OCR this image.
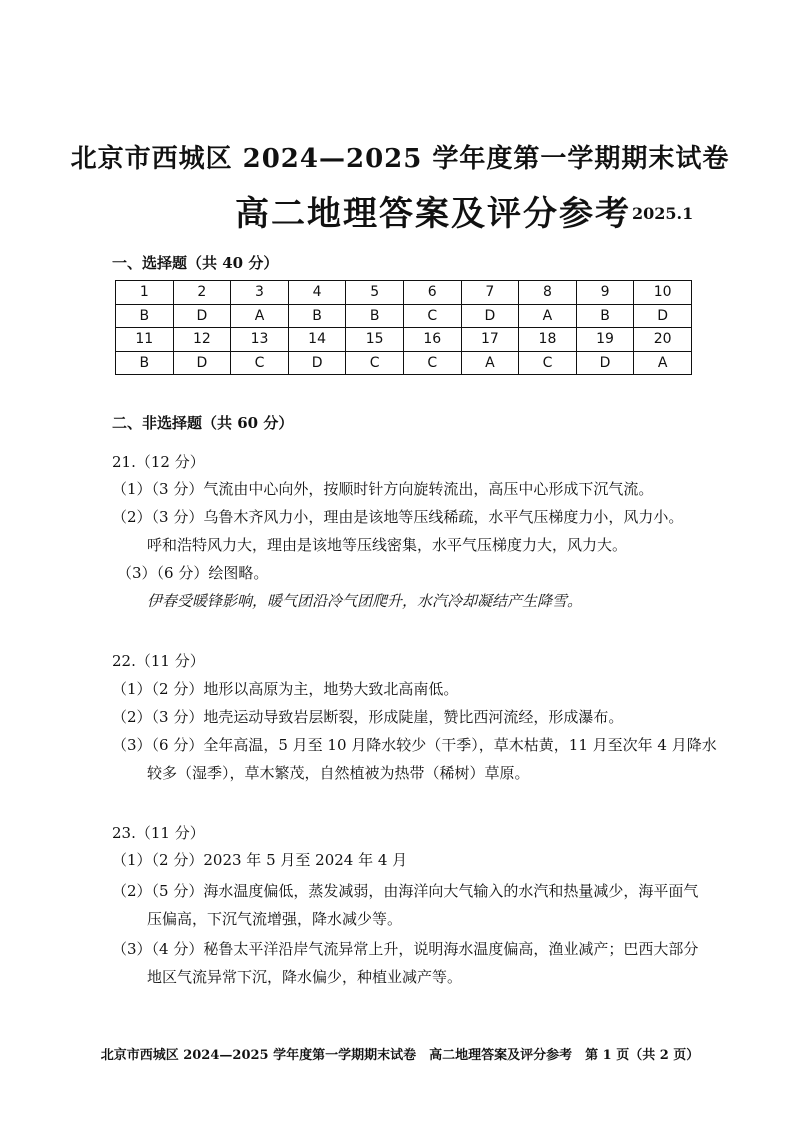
北京市西城区 2024—2025 学年度第一学期期末试卷
高二地理答案及评分参考 2025.1
一、选择题（共 40 分）
1	2	3	4	5	6	7	8	9	10
B	D	A	B	B	C	D	A	B	D
11	12	13	14	15	16	17	18	19	20
B	D	C	D	C	C	A	C	D	A
二、非选择题（共 60 分）
21.（12 分）
（1）（3 分）气流由中心向外，按顺时针方向旋转流出，高压中心形成下沉气流。
（2）（3 分）乌鲁木齐风力小，理由是该地等压线稀疏，水平气压梯度力小，风力小。
呼和浩特风力大，理由是该地等压线密集，水平气压梯度力大，风力大。
（3）（6 分）绘图略。
伊春受暖锋影响，暖气团沿冷气团爬升，水汽冷却凝结产生降雪。
22.（11 分）
（1）（2 分）地形以高原为主，地势大致北高南低。
（2）（3 分）地壳运动导致岩层断裂，形成陡崖，赞比西河流经，形成瀑布。
（3）（6 分）全年高温，5 月至 10 月降水较少（干季），草木枯黄，11 月至次年 4 月降水
较多（湿季），草木繁茂，自然植被为热带（稀树）草原。
23.（11 分）
（1）（2 分）2023 年 5 月至 2024 年 4 月
（2）（5 分）海水温度偏低，蒸发减弱，由海洋向大气输入的水汽和热量减少，海平面气
压偏高，下沉气流增强，降水减少等。
（3）（4 分）秘鲁太平洋沿岸气流异常上升，说明海水温度偏高，渔业减产；巴西大部分
地区气流异常下沉，降水偏少，种植业减产等。
北京市西城区 2024—2025 学年度第一学期期末试卷　高二地理答案及评分参考　第 1 页（共 2 页）
